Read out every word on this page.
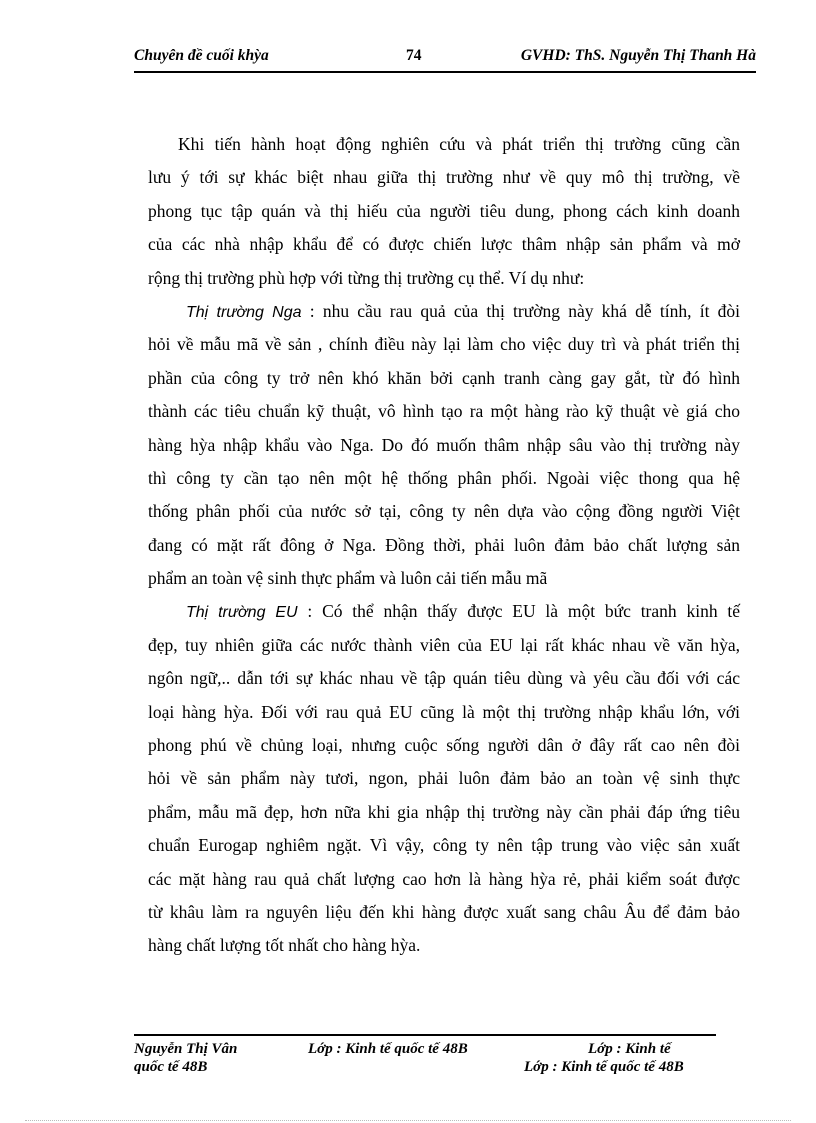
Chuyên đề cuối khỳa	74	GVHD: ThS. Nguyễn Thị Thanh Hà
Khi tiến hành hoạt động nghiên cứu và phát triển thị trường cũng cần
lưu ý tới sự khác biệt nhau giữa thị trường như về quy mô thị trường, về
phong tục tập quán và thị hiếu của người tiêu dung, phong cách kinh doanh
của các nhà nhập khẩu để có được chiến lược thâm nhập sản phẩm và mở
rộng thị trường phù hợp với từng thị trường cụ thể. Ví dụ như:
Thị trường Nga : nhu cầu rau quả của thị trường này khá dễ tính, ít đòi
hỏi về mẫu mã về sản , chính điều này lại làm cho việc duy trì và phát triển thị
phần của công ty trở nên khó khăn bởi cạnh tranh càng gay gắt, từ đó hình
thành các tiêu chuẩn kỹ thuật, vô hình tạo ra một hàng rào kỹ thuật vè giá cho
hàng hỳa nhập khẩu vào Nga. Do đó muốn thâm nhập sâu vào thị trường này
thì công ty cần tạo nên một hệ thống phân phối. Ngoài việc thong qua hệ
thống phân phối của nước sở tại, công ty nên dựa vào cộng đồng người Việt
đang có mặt rất đông ở Nga. Đồng thời, phải luôn đảm bảo chất lượng sản
phẩm an toàn vệ sinh thực phẩm và luôn cải tiến mẫu mã
Thị trường EU : Có thể nhận thấy được EU là một bức tranh kinh tế
đẹp, tuy nhiên giữa các nước thành viên của EU lại rất khác nhau về văn hỳa,
ngôn ngữ,.. dẫn tới sự khác nhau về tập quán tiêu dùng và yêu cầu đối với các
loại hàng hỳa. Đối với rau quả EU cũng là một thị trường nhập khẩu lớn, với
phong phú về chủng loại, nhưng cuộc sống người dân ở đây rất cao nên đòi
hỏi về sản phẩm này tươi, ngon, phải luôn đảm bảo an toàn vệ sinh thực
phẩm, mẫu mã đẹp, hơn nữa khi gia nhập thị trường này cần phải đáp ứng tiêu
chuẩn Eurogap nghiêm ngặt. Vì vậy, công ty nên tập trung vào việc sản xuất
các mặt hàng rau quả chất lượng cao hơn là hàng hỳa rẻ, phải kiểm soát được
từ khâu làm ra nguyên liệu đến khi hàng được xuất sang châu Âu để đảm bảo
hàng chất lượng tốt nhất cho hàng hỳa.
Nguyễn Thị Vân	Lớp : Kinh tế quốc tế 48B	Lớp : Kinh tế
quốc tế 48B	Lớp : Kinh tế quốc tế 48B
